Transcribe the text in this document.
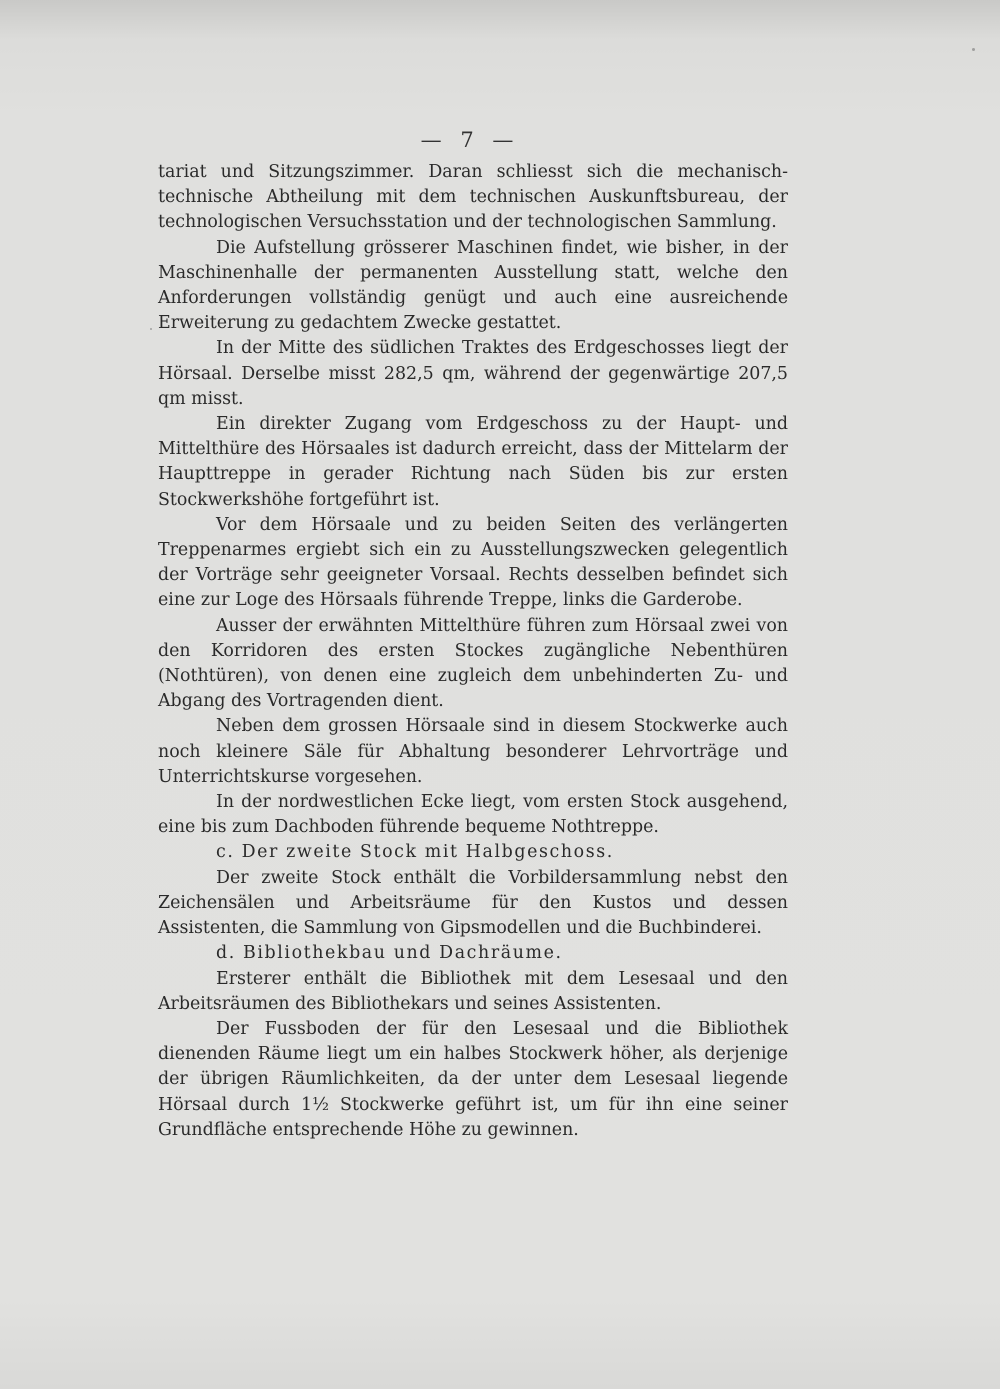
— 7 —

tariat und Sitzungszimmer. Daran schliesst sich die mechanisch-technische Abtheilung mit dem technischen Auskunftsbureau, der technologischen Versuchsstation und der technologischen Sammlung.

Die Aufstellung grösserer Maschinen findet, wie bisher, in der Maschinenhalle der permanenten Ausstellung statt, welche den Anforderungen vollständig genügt und auch eine ausreichende Erweiterung zu gedachtem Zwecke gestattet.

In der Mitte des südlichen Traktes des Erdgeschosses liegt der Hörsaal. Derselbe misst 282,5 qm, während der gegenwärtige 207,5 qm misst.

Ein direkter Zugang vom Erdgeschoss zu der Haupt- und Mittelthüre des Hörsaales ist dadurch erreicht, dass der Mittelarm der Haupttreppe in gerader Richtung nach Süden bis zur ersten Stockwerkshöhe fortgeführt ist.

Vor dem Hörsaale und zu beiden Seiten des verlängerten Treppenarmes ergiebt sich ein zu Ausstellungszwecken gelegentlich der Vorträge sehr geeigneter Vorsaal. Rechts desselben befindet sich eine zur Loge des Hörsaals führende Treppe, links die Garderobe.

Ausser der erwähnten Mittelthüre führen zum Hörsaal zwei von den Korridoren des ersten Stockes zugängliche Nebenthüren (Nothtüren), von denen eine zugleich dem unbehinderten Zu- und Abgang des Vortragenden dient.

Neben dem grossen Hörsaale sind in diesem Stockwerke auch noch kleinere Säle für Abhaltung besonderer Lehrvorträge und Unterrichtskurse vorgesehen.

In der nordwestlichen Ecke liegt, vom ersten Stock ausgehend, eine bis zum Dachboden führende bequeme Nothtreppe.

c. Der zweite Stock mit Halbgeschoss.

Der zweite Stock enthält die Vorbildersammlung nebst den Zeichensälen und Arbeitsräume für den Kustos und dessen Assistenten, die Sammlung von Gipsmodellen und die Buchbinderei.

d. Bibliothekbau und Dachräume.

Ersterer enthält die Bibliothek mit dem Lesesaal und den Arbeitsräumen des Bibliothekars und seines Assistenten.

Der Fussboden der für den Lesesaal und die Bibliothek dienenden Räume liegt um ein halbes Stockwerk höher, als derjenige der übrigen Räumlichkeiten, da der unter dem Lesesaal liegende Hörsaal durch 1½ Stockwerke geführt ist, um für ihn eine seiner Grundfläche entsprechende Höhe zu gewinnen.
